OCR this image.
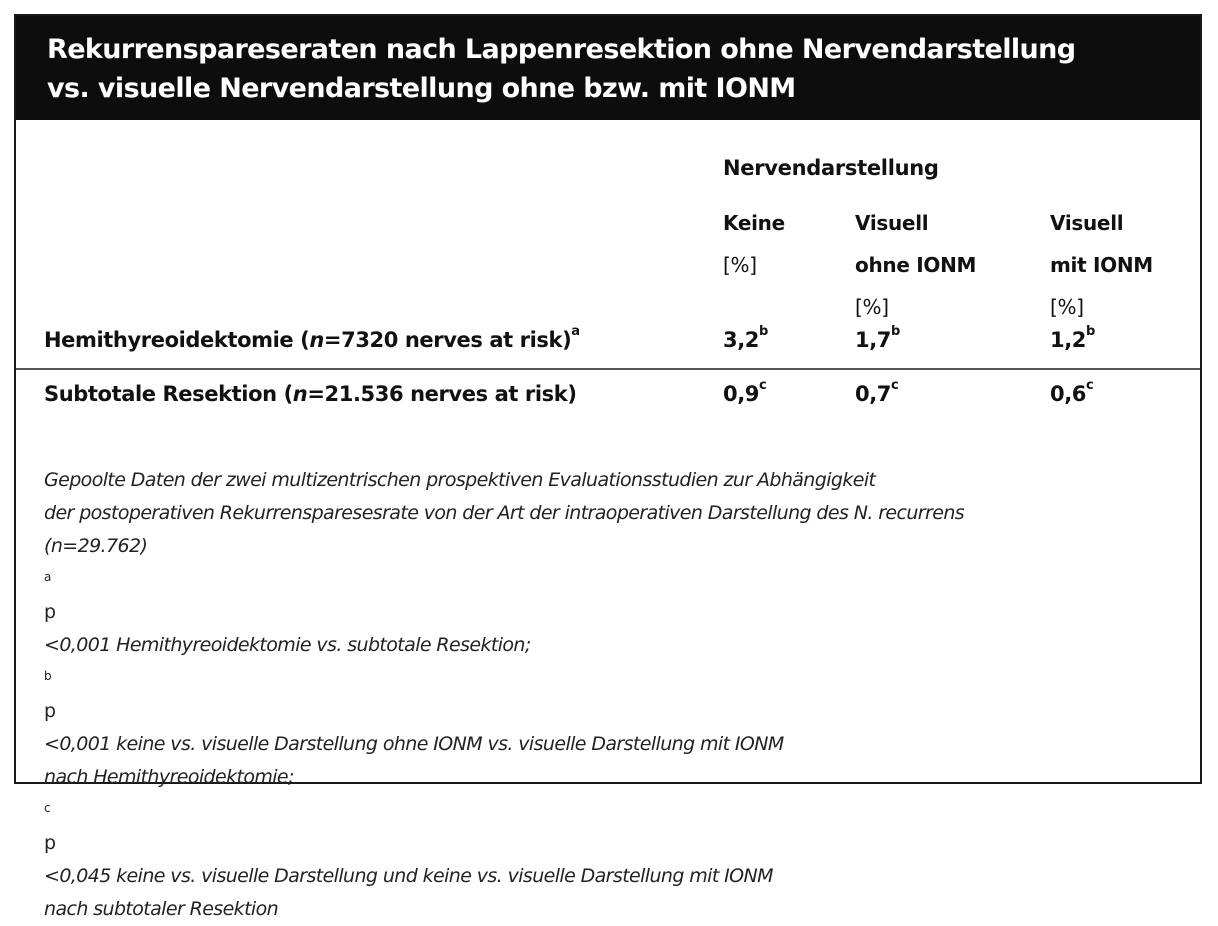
Rekurrenspareseraten nach Lappenresektion ohne Nervendarstellung
vs. visuelle Nervendarstellung ohne bzw. mit IONM
Nervendarstellung
Keine
[%]
Visuell
ohne IONM
[%]
Visuell
mit IONM
[%]
Hemithyreoidektomie (n=7320 nerves at risk)$^a$	3,2$^b$	1,7$^b$	1,2$^b$
Subtotale Resektion (n=21.536 nerves at risk)	0,9$^c$	0,7$^c$	0,6$^c$
Gepoolte Daten der zwei multizentrischen prospektiven Evaluationsstudien zur Abhängigkeit
der postoperativen Rekurrensparesesrate von der Art der intraoperativen Darstellung des N. recurrens
(n=29.762)
a
p
<0,001 Hemithyreoidektomie vs. subtotale Resektion;
b
p
<0,001 keine vs. visuelle Darstellung ohne IONM vs. visuelle Darstellung mit IONM
nach Hemithyreoidektomie;
c
p
<0,045 keine vs. visuelle Darstellung und keine vs. visuelle Darstellung mit IONM
nach subtotaler Resektion
